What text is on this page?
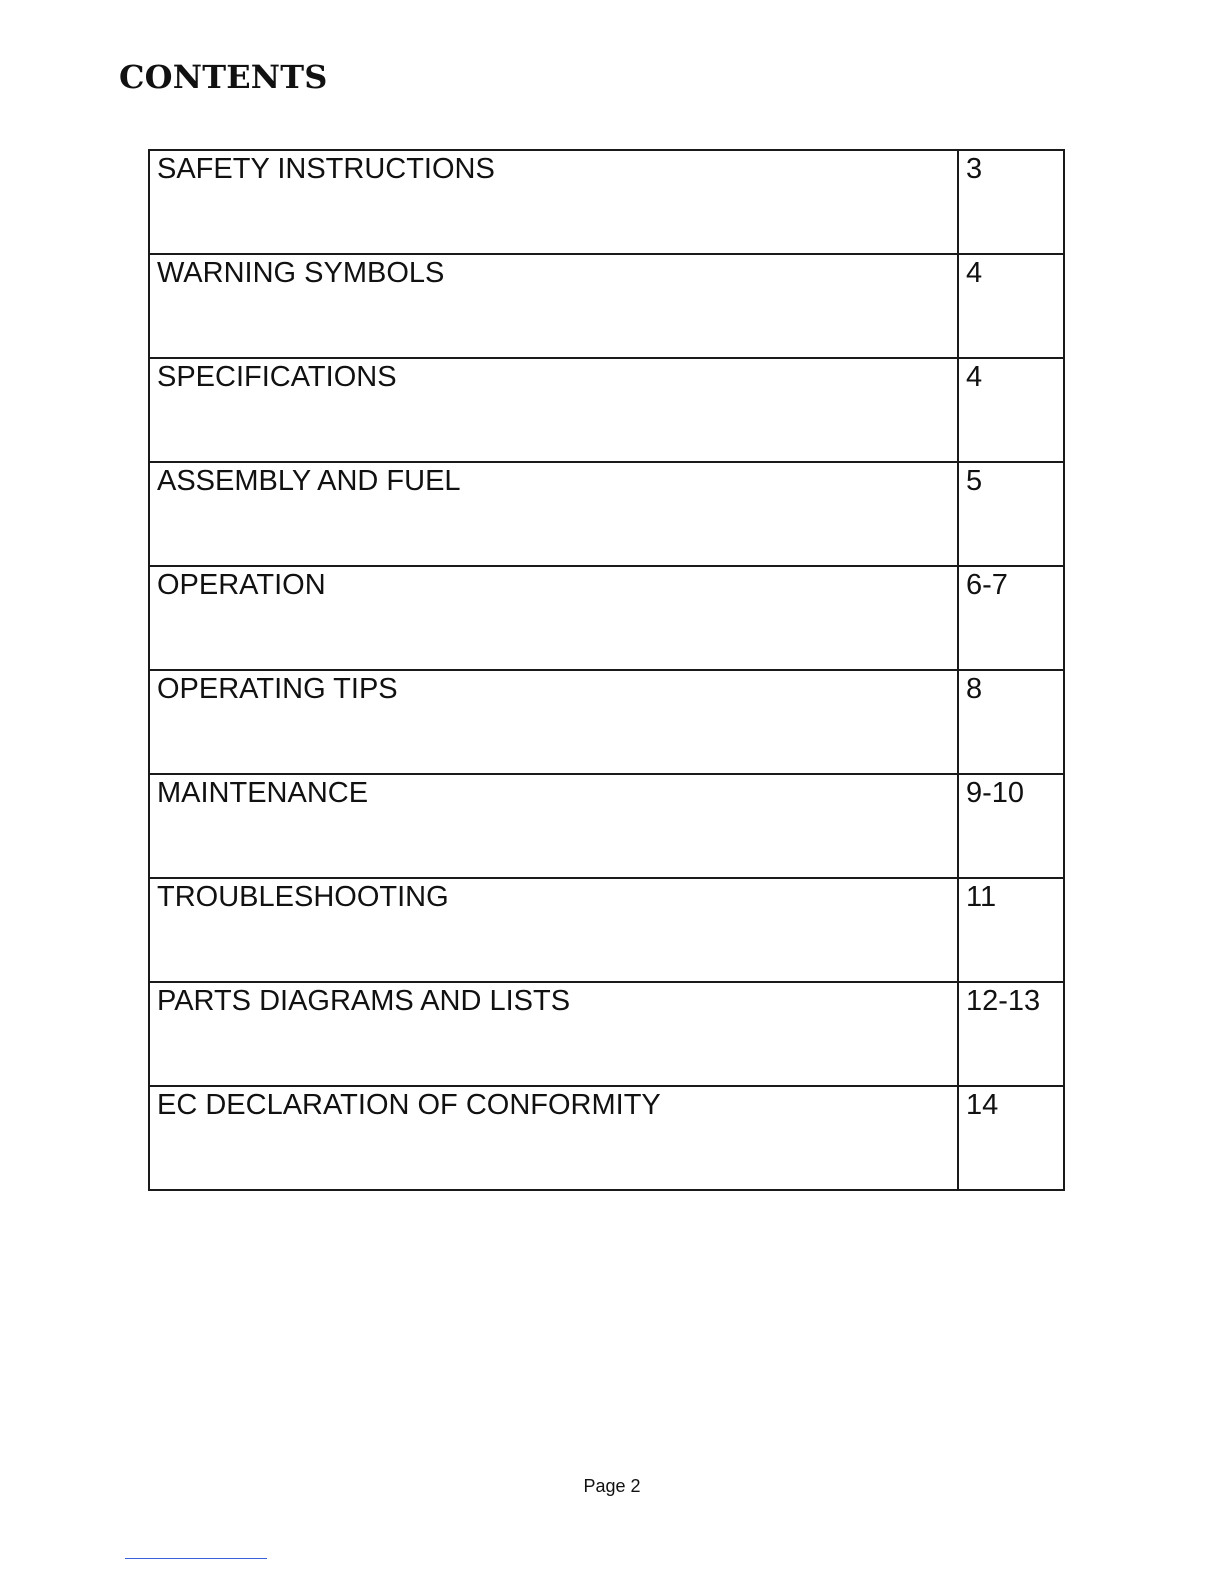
CONTENTS
SAFETY INSTRUCTIONS	3
WARNING SYMBOLS	4
SPECIFICATIONS	4
ASSEMBLY AND FUEL	5
OPERATION	6-7
OPERATING TIPS	8
MAINTENANCE	9-10
TROUBLESHOOTING	11
PARTS DIAGRAMS AND LISTS	12-13
EC DECLARATION OF CONFORMITY	14
Page 2
